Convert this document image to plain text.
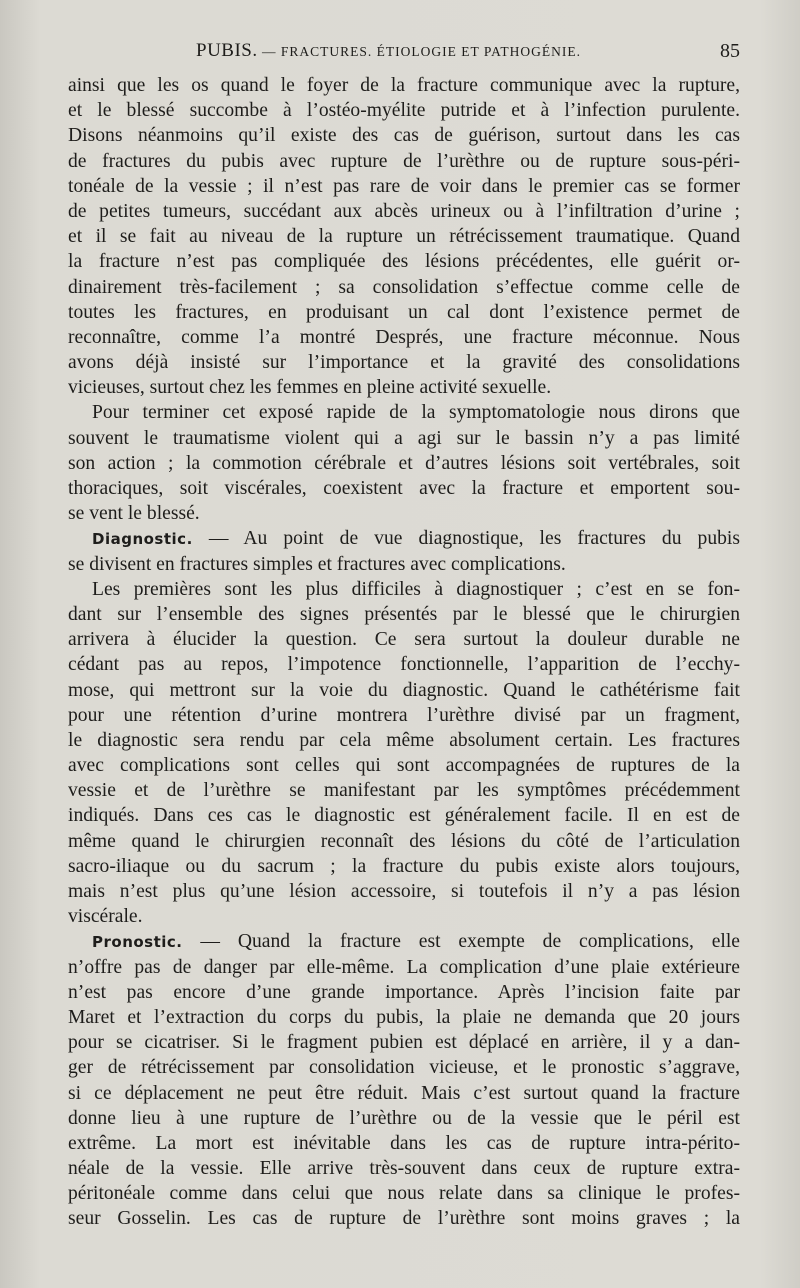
PUBIS. — FRACTURES. ÉTIOLOGIE ET PATHOGÉNIE.	85
ainsi que les os quand le foyer de la fracture communique avec la rupture,
et le blessé succombe à l’ostéo-myélite putride et à l’infection purulente.
Disons néanmoins qu’il existe des cas de guérison, surtout dans les cas
de fractures du pubis avec rupture de l’urèthre ou de rupture sous-péri-
tonéale de la vessie ; il n’est pas rare de voir dans le premier cas se former
de petites tumeurs, succédant aux abcès urineux ou à l’infiltration d’urine ;
et il se fait au niveau de la rupture un rétrécissement traumatique. Quand
la fracture n’est pas compliquée des lésions précédentes, elle guérit or-
dinairement très-facilement ; sa consolidation s’effectue comme celle de
toutes les fractures, en produisant un cal dont l’existence permet de
reconnaître, comme l’a montré Després, une fracture méconnue. Nous
avons déjà insisté sur l’importance et la gravité des consolidations
vicieuses, surtout chez les femmes en pleine activité sexuelle.
Pour terminer cet exposé rapide de la symptomatologie nous dirons que
souvent le traumatisme violent qui a agi sur le bassin n’y a pas limité
son action ; la commotion cérébrale et d’autres lésions soit vertébrales, soit
thoraciques, soit viscérales, coexistent avec la fracture et emportent sou-
se vent le blessé.
Diagnostic. — Au point de vue diagnostique, les fractures du pubis
se divisent en fractures simples et fractures avec complications.
Les premières sont les plus difficiles à diagnostiquer ; c’est en se fon-
dant sur l’ensemble des signes présentés par le blessé que le chirurgien
arrivera à élucider la question. Ce sera surtout la douleur durable ne
cédant pas au repos, l’impotence fonctionnelle, l’apparition de l’ecchy-
mose, qui mettront sur la voie du diagnostic. Quand le cathétérisme fait
pour une rétention d’urine montrera l’urèthre divisé par un fragment,
le diagnostic sera rendu par cela même absolument certain. Les fractures
avec complications sont celles qui sont accompagnées de ruptures de la
vessie et de l’urèthre se manifestant par les symptômes précédemment
indiqués. Dans ces cas le diagnostic est généralement facile. Il en est de
même quand le chirurgien reconnaît des lésions du côté de l’articulation
sacro-iliaque ou du sacrum ; la fracture du pubis existe alors toujours,
mais n’est plus qu’une lésion accessoire, si toutefois il n’y a pas lésion
viscérale.
Pronostic. — Quand la fracture est exempte de complications, elle
n’offre pas de danger par elle-même. La complication d’une plaie extérieure
n’est pas encore d’une grande importance. Après l’incision faite par
Maret et l’extraction du corps du pubis, la plaie ne demanda que 20 jours
pour se cicatriser. Si le fragment pubien est déplacé en arrière, il y a dan-
ger de rétrécissement par consolidation vicieuse, et le pronostic s’aggrave,
si ce déplacement ne peut être réduit. Mais c’est surtout quand la fracture
donne lieu à une rupture de l’urèthre ou de la vessie que le péril est
extrême. La mort est inévitable dans les cas de rupture intra-périto-
néale de la vessie. Elle arrive très-souvent dans ceux de rupture extra-
péritonéale comme dans celui que nous relate dans sa clinique le profes-
seur Gosselin. Les cas de rupture de l’urèthre sont moins graves ; la
